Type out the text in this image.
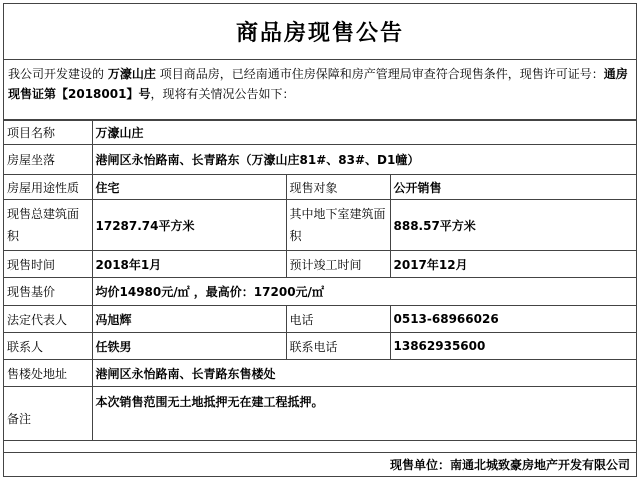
商品房现售公告
我公司开发建设的 万濠山庄 项目商品房，已经南通市住房保障和房产管理局审查符合现售条件，现售许可证号：通房现售证第【2018001】号，现将有关情况公告如下：
项目名称	万濠山庄		
房屋坐落	港闸区永怡路南、长青路东（万濠山庄81#、83#、D1幢）		
房屋用途性质	住宅	现售对象	公开销售
现售总建筑面积	17287.74平方米	其中地下室建筑面积	888.57平方米
现售时间	2018年1月	预计竣工时间	2017年12月
现售基价	均价14980元/㎡ ，最高价：17200元/㎡		
法定代表人	冯旭辉	电话	0513-68966026
联系人	任铁男	联系电话	13862935600
售楼处地址	港闸区永怡路南、长青路东售楼处		
备注	本次销售范围无土地抵押无在建工程抵押。		
现售单位：南通北城致豪房地产开发有限公司
